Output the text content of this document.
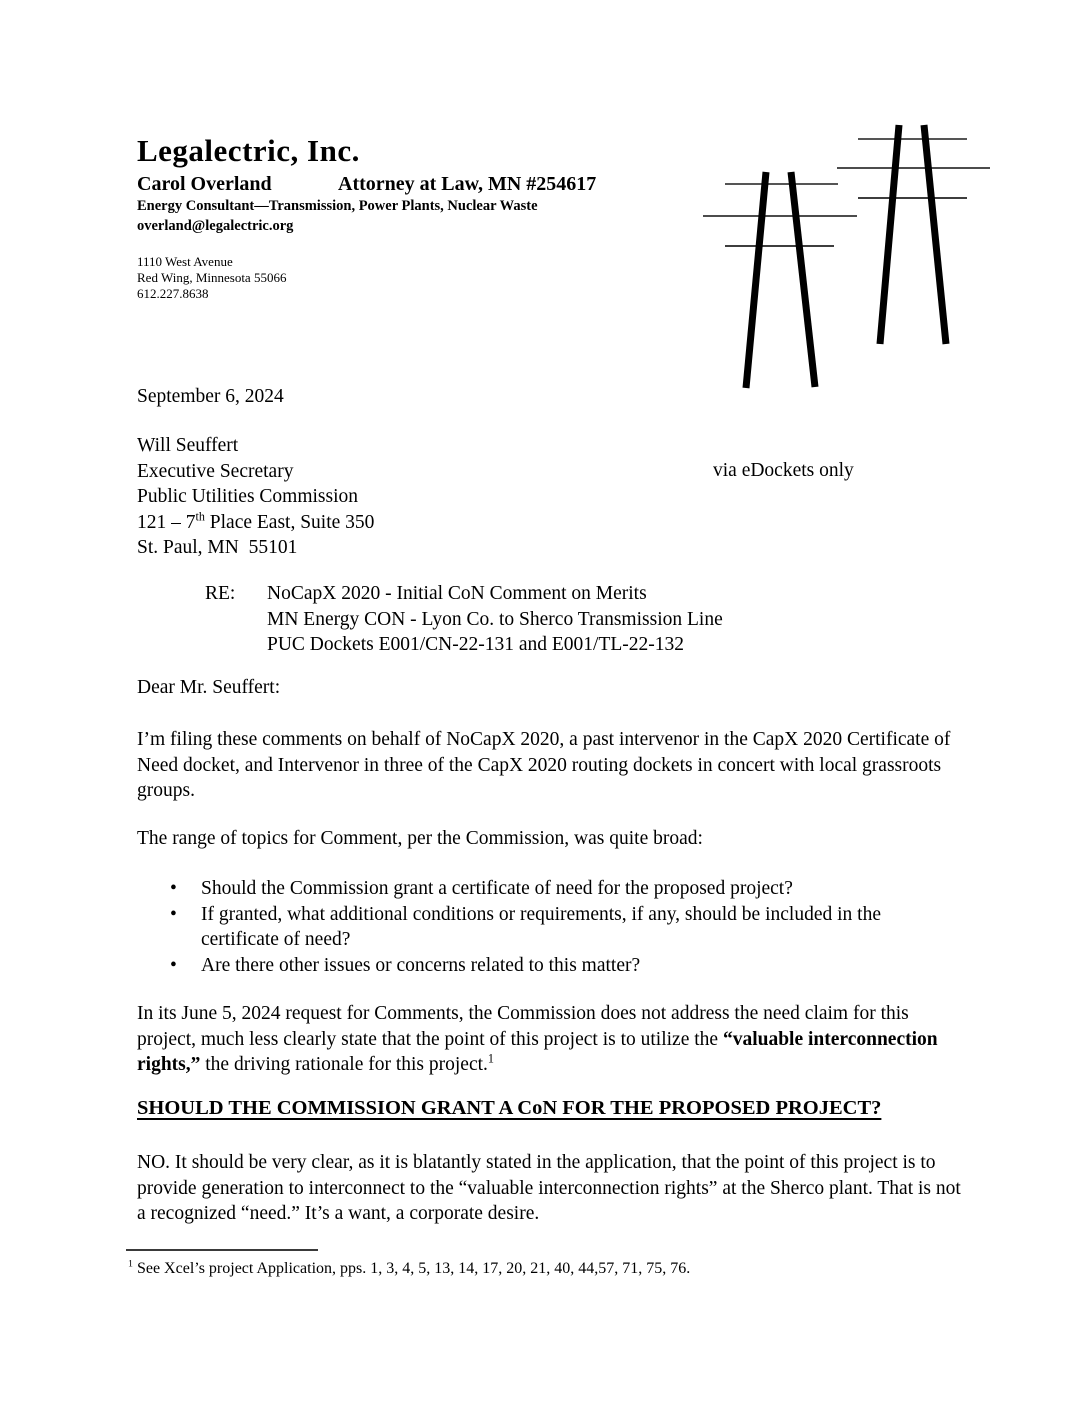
Legalectric, Inc.
Carol Overland	Attorney at Law, MN #254617
Energy Consultant—Transmission, Power Plants, Nuclear Waste
overland@legalectric.org
1110 West Avenue
Red Wing, Minnesota 55066
612.227.8638
September 6, 2024
Will Seuffert
Executive Secretary
Public Utilities Commission
121 – 7th Place East, Suite 350
St. Paul, MN  55101
via eDockets only
RE: NoCapX 2020 - Initial CoN Comment on Merits
MN Energy CON - Lyon Co. to Sherco Transmission Line
PUC Dockets E001/CN-22-131 and E001/TL-22-132
Dear Mr. Seuffert:

I’m filing these comments on behalf of NoCapX 2020, a past intervenor in the CapX 2020 Certificate of Need docket, and Intervenor in three of the CapX 2020 routing dockets in concert with local grassroots groups.

The range of topics for Comment, per the Commission, was quite broad:

•	Should the Commission grant a certificate of need for the proposed project?
•	If granted, what additional conditions or requirements, if any, should be included in the certificate of need?
•	Are there other issues or concerns related to this matter?

In its June 5, 2024 request for Comments, the Commission does not address the need claim for this project, much less clearly state that the point of this project is to utilize the “valuable interconnection rights,” the driving rationale for this project.$^1$

SHOULD THE COMMISSION GRANT A CoN FOR THE PROPOSED PROJECT?

NO. It should be very clear, as it is blatantly stated in the application, that the point of this project is to provide generation to interconnect to the “valuable interconnection rights” at the Sherco plant. That is not a recognized “need.” It’s a want, a corporate desire.

$^1$ See Xcel’s project Application, pps. 1, 3, 4, 5, 13, 14, 17, 20, 21, 40, 44,57, 71, 75, 76.
